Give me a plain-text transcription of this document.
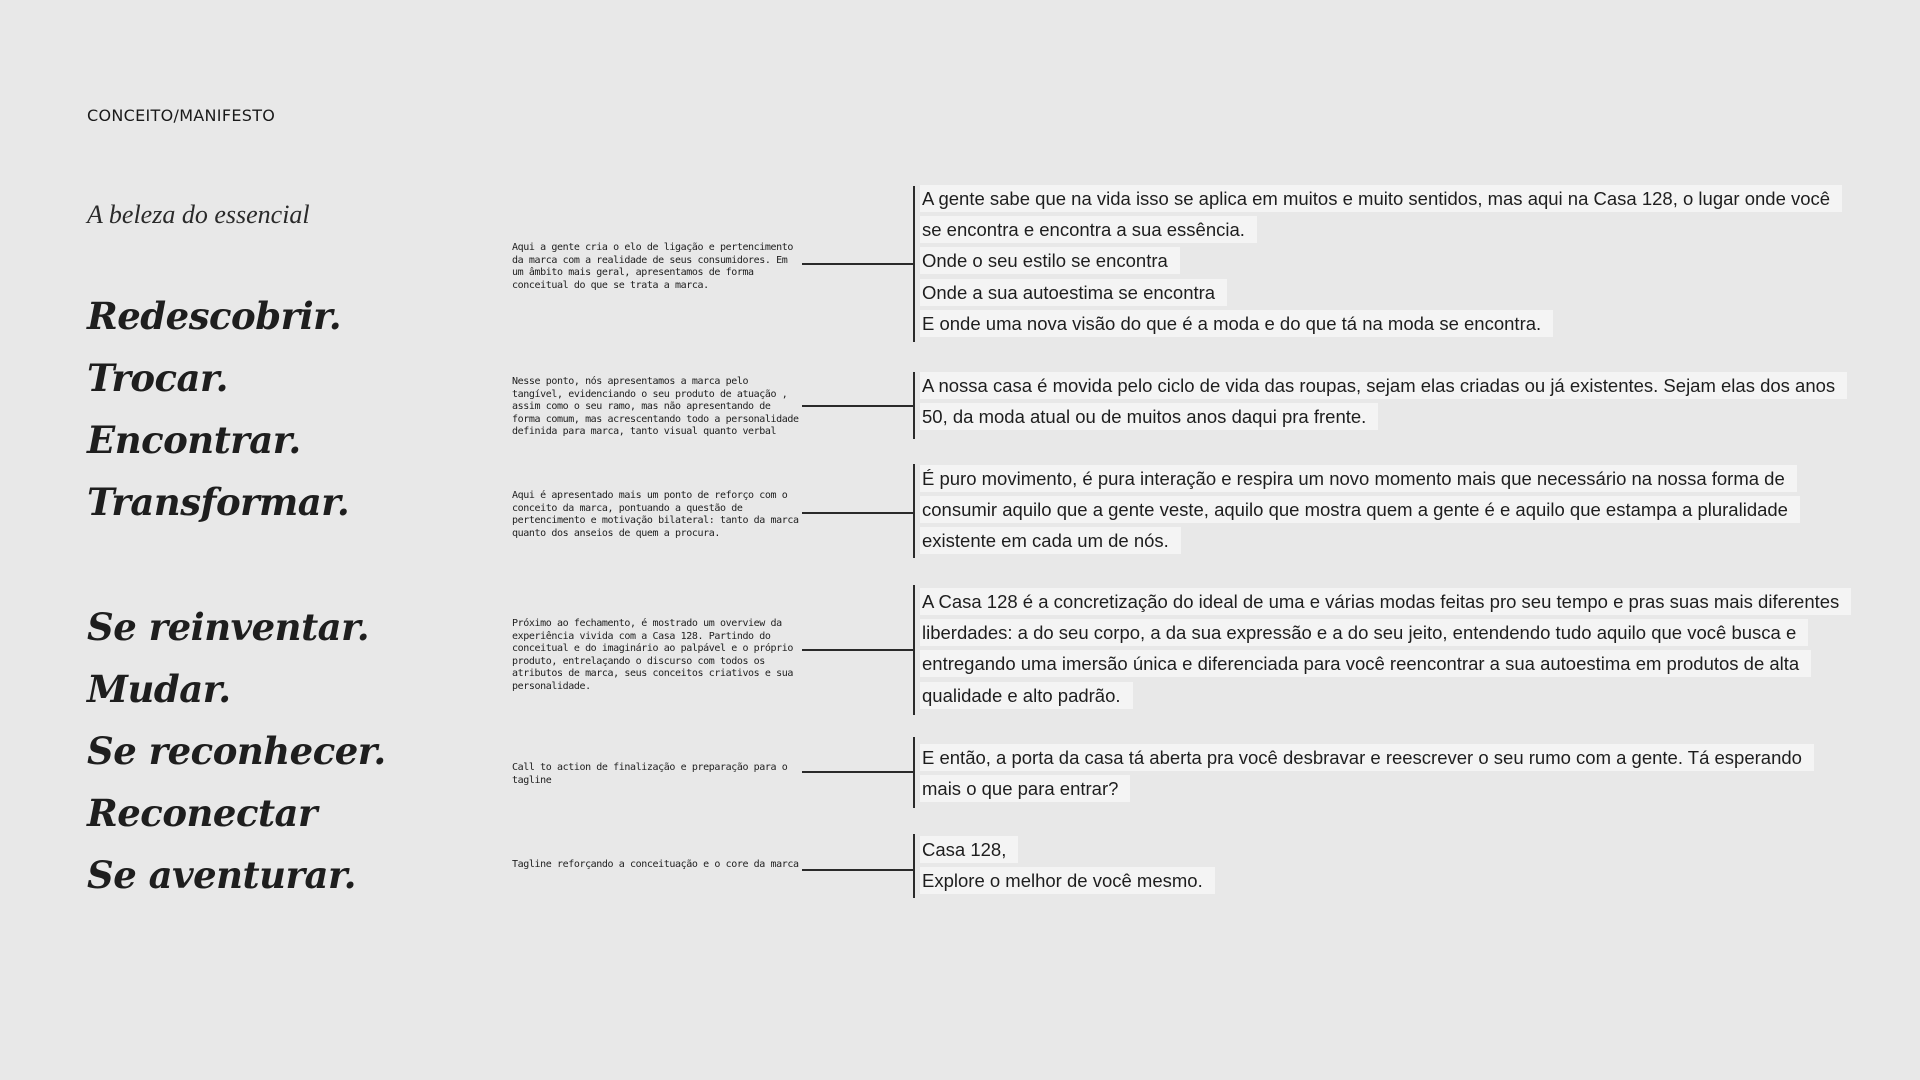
CONCEITO/MANIFESTO
A beleza do essencial
Redescobrir.
Trocar.
Encontrar.
Transformar.
Se reinventar.
Mudar.
Se reconhecer.
Reconectar
Se aventurar.
Aqui a gente cria o elo de ligação e pertencimento da marca com a realidade de seus consumidores. Em um âmbito mais geral, apresentamos de forma conceitual do que se trata a marca.

A gente sabe que na vida isso se aplica em muitos e muito sentidos, mas aqui na Casa 128, o lugar onde você se encontra e encontra a sua essência.

Onde o seu estilo se encontra

Onde a sua autoestima se encontra

E onde uma nova visão do que é a moda e do que tá na moda se encontra.

Nesse ponto, nós apresentamos a marca pelo tangível, evidenciando o seu produto de atuação , assim como o seu ramo, mas não apresentando de forma comum, mas acrescentando todo a personalidade definida para marca, tanto visual quanto verbal

A nossa casa é movida pelo ciclo de vida das roupas, sejam elas criadas ou já existentes. Sejam elas dos anos 50, da moda atual ou de muitos anos daqui pra frente.

Aqui é apresentado mais um ponto de reforço com o conceito da marca, pontuando a questão de pertencimento e motivação bilateral: tanto da marca quanto dos anseios de quem a procura.

É puro movimento, é pura interação e respira um novo momento mais que necessário na nossa forma de consumir aquilo que a gente veste, aquilo que mostra quem a gente é e aquilo que estampa a pluralidade existente em cada um de nós.

Próximo ao fechamento, é mostrado um overview da experiência vivida com a Casa 128. Partindo do conceitual e do imaginário ao palpável e o próprio produto, entrelaçando o discurso com todos os atributos de marca, seus conceitos criativos e sua personalidade.

A Casa 128 é a concretização do ideal de uma e várias modas feitas pro seu tempo e pras suas mais diferentes liberdades: a do seu corpo, a da sua expressão e a do seu jeito, entendendo tudo aquilo que você busca e entregando uma imersão única e diferenciada para você reencontrar a sua autoestima em produtos de alta qualidade e alto padrão.

Call to action de finalização e preparação para o tagline

E então, a porta da casa tá aberta pra você desbravar e reescrever o seu rumo com a gente. Tá esperando mais o que para entrar?

Tagline reforçando a conceituação e o core da marca

Casa 128,

Explore o melhor de você mesmo.
